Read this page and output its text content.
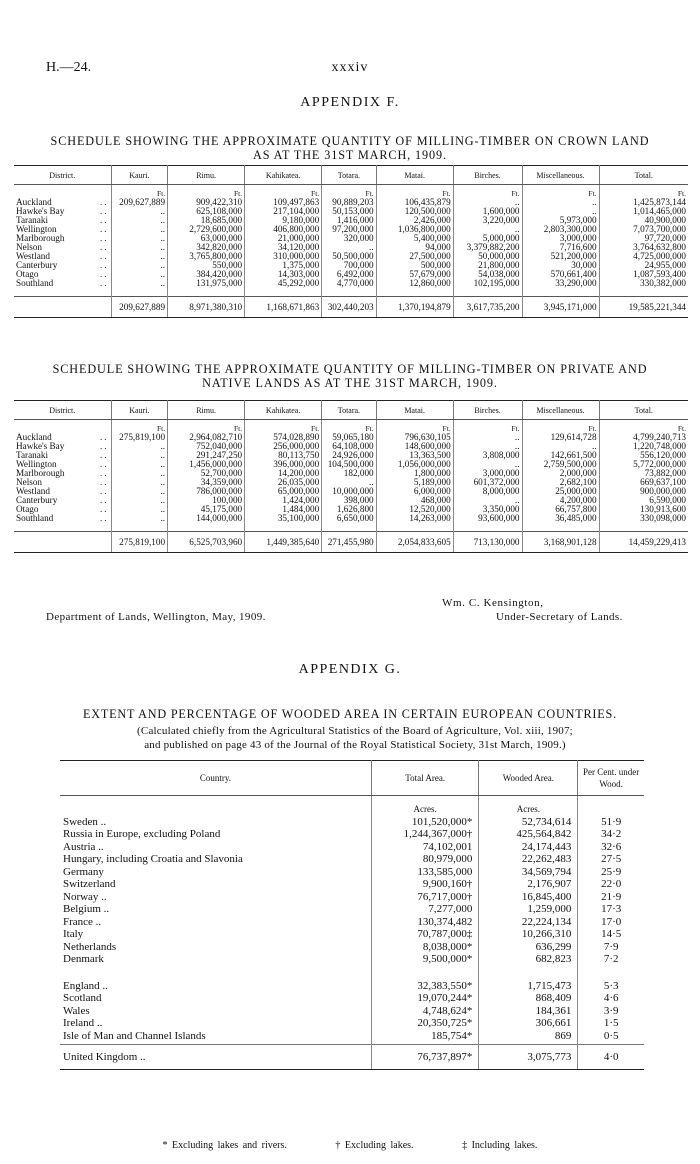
H.—24.	xxxiv
APPENDIX F.
SCHEDULE SHOWING THE APPROXIMATE QUANTITY OF MILLING-TIMBER ON CROWN LAND
AS AT THE 31ST MARCH, 1909.
District.	Kauri.	Rimu.	Kahikatea.	Totara.	Matai.	Birches.	Miscellaneous.	Total.
	Ft.	Ft.	Ft.	Ft.	Ft.	Ft.	Ft.	Ft.
Auckland ..	209,627,889	909,422,310	109,497,863	90,889,203	106,435,879	..	..	1,425,873,144
Hawke's Bay ..	..	625,108,000	217,104,000	50,153,000	120,500,000	1,600,000	..	1,014,465,000
Taranaki ..	..	18,685,000	9,180,000	1,416,000	2,426,000	3,220,000	5,973,000	40,900,000
Wellington ..	..	2,729,600,000	406,800,000	97,200,000	1,036,800,000	..	2,803,300,000	7,073,700,000
Marlborough ..	..	63,000,000	21,000,000	320,000	5,400,000	5,000,000	3,000,000	97,720,000
Nelson ..	..	342,820,000	34,120,000	..	94,000	3,379,882,200	7,716,600	3,764,632,800
Westland ..	..	3,765,800,000	310,000,000	50,500,000	27,500,000	50,000,000	521,200,000	4,725,000,000
Canterbury ..	..	550,000	1,375,000	700,000	500,000	21,800,000	30,000	24,955,000
Otago ..	..	384,420,000	14,303,000	6,492,000	57,679,000	54,038,000	570,661,400	1,087,593,400
Southland ..	..	131,975,000	45,292,000	4,770,000	12,860,000	102,195,000	33,290,000	330,382,000

	209,627,889	8,971,380,310	1,168,671,863	302,440,203	1,370,194,879	3,617,735,200	3,945,171,000	19,585,221,344
SCHEDULE SHOWING THE APPROXIMATE QUANTITY OF MILLING-TIMBER ON PRIVATE AND
NATIVE LANDS AS AT THE 31ST MARCH, 1909.
District.	Kauri.	Rimu.	Kahikatea.	Totara.	Matai.	Birches.	Miscellaneous.	Total.
	Ft.	Ft.	Ft.	Ft.	Ft.	Ft.	Ft.	Ft.
Auckland ..	275,819,100	2,964,082,710	574,028,890	59,065,180	796,630,105	..	129,614,728	4,799,240,713
Hawke's Bay ..	..	752,040,000	256,000,000	64,108,000	148,600,000	..	..	1,220,748,000
Taranaki ..	..	291,247,250	80,113,750	24,926,000	13,363,500	3,808,000	142,661,500	556,120,000
Wellington ..	..	1,456,000,000	396,000,000	104,500,000	1,056,000,000	..	2,759,500,000	5,772,000,000
Marlborough ..	..	52,700,000	14,200,000	182,000	1,800,000	3,000,000	2,000,000	73,882,000
Nelson ..	..	34,359,000	26,035,000	..	5,189,000	601,372,000	2,682,100	669,637,100
Westland ..	..	786,000,000	65,000,000	10,000,000	6,000,000	8,000,000	25,000,000	900,000,000
Canterbury ..	..	100,000	1,424,000	398,000	468,000	..	4,200,000	6,590,000
Otago ..	..	45,175,000	1,484,000	1,626,800	12,520,000	3,350,000	66,757,800	130,913,600
Southland ..	..	144,000,000	35,100,000	6,650,000	14,263,000	93,600,000	36,485,000	330,098,000

	275,819,100	6,525,703,960	1,449,385,640	271,455,980	2,054,833,605	713,130,000	3,168,901,128	14,459,229,413
Wm. C. Kensington,
Department of Lands, Wellington, May, 1909.	Under-Secretary of Lands.
APPENDIX G.
EXTENT AND PERCENTAGE OF WOODED AREA IN CERTAIN EUROPEAN COUNTRIES.
(Calculated chiefly from the Agricultural Statistics of the Board of Agriculture, Vol. xiii, 1907;
and published on page 43 of the Journal of the Royal Statistical Society, 31st March, 1909.)
Country.	Total Area.	Wooded Area.	Per Cent. under Wood.
	Acres.	Acres.	
Sweden ..	101,520,000*	52,734,614	51·9
Russia in Europe, excluding Poland	1,244,367,000†	425,564,842	34·2
Austria ..	74,102,001	24,174,443	32·6
Hungary, including Croatia and Slavonia	80,979,000	22,262,483	27·5
Germany	133,585,000	34,569,794	25·9
Switzerland	9,900,160†	2,176,907	22·0
Norway ..	76,717,000†	16,845,400	21·9
Belgium ..	7,277,000	1,259,000	17·3
France ..	130,374,482	22,224,134	17·0
Italy	70,787,000‡	10,266,310	14·5
Netherlands	8,038,000*	636,299	7·9
Denmark	9,500,000*	682,823	7·2

England ..	32,383,550*	1,715,473	5·3
Scotland	19,070,244*	868,409	4·6
Wales	4,748,624*	184,361	3·9
Ireland ..	20,350,725*	306,661	1·5
Isle of Man and Channel Islands	185,754*	869	0·5

United Kingdom ..	76,737,897*	3,075,773	4·0
* Excluding lakes and rivers.	† Excluding lakes.	‡ Including lakes.
